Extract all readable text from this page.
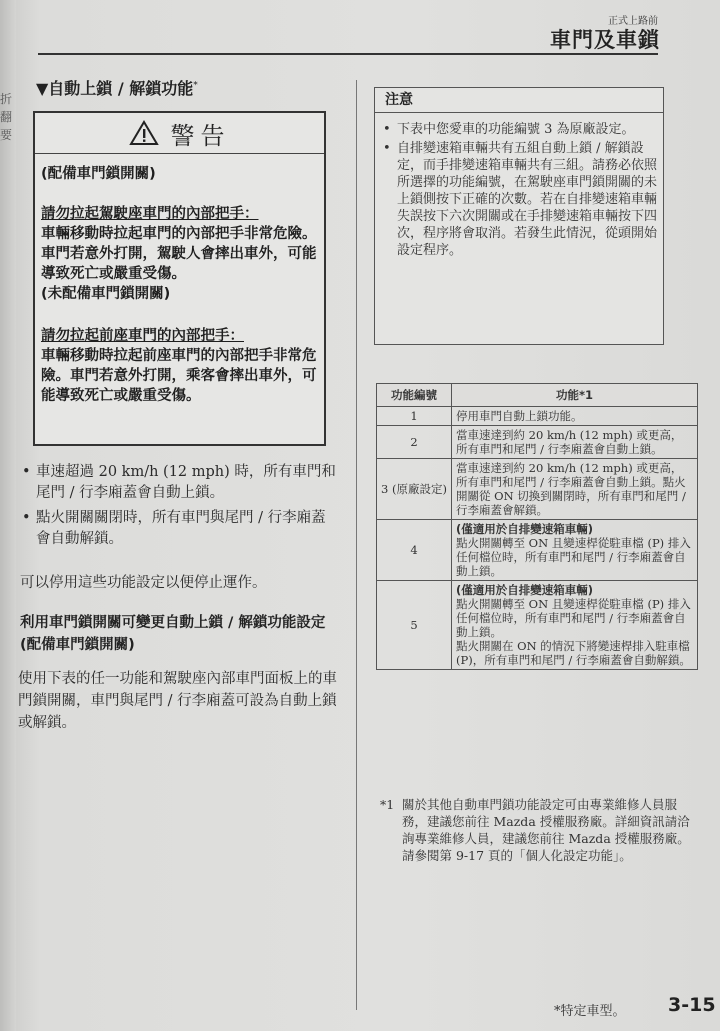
折翻要
正式上路前
車門及車鎖
▼自動上鎖 / 解鎖功能*
警告
(配備車門鎖開關)
請勿拉起駕駛座車門的內部把手：
車輛移動時拉起車門的內部把手非常危險。車門若意外打開，駕駛人會摔出車外，可能導致死亡或嚴重受傷。
(未配備車門鎖開關)
請勿拉起前座車門的內部把手：
車輛移動時拉起前座車門的內部把手非常危險。車門若意外打開，乘客會摔出車外，可能導致死亡或嚴重受傷。
• 車速超過 20 km/h (12 mph) 時，所有車門和尾門 / 行李廂蓋會自動上鎖。
• 點火開關關閉時，所有車門與尾門 / 行李廂蓋會自動解鎖。
可以停用這些功能設定以便停止運作。
利用車門鎖開關可變更自動上鎖 / 解鎖功能設定 (配備車門鎖開關)
使用下表的任一功能和駕駛座內部車門面板上的車門鎖開關，車門與尾門 / 行李廂蓋可設為自動上鎖或解鎖。
注意
• 下表中您愛車的功能編號 3 為原廠設定。
• 自排變速箱車輛共有五組自動上鎖 / 解鎖設定，而手排變速箱車輛共有三組。請務必依照所選擇的功能編號，在駕駛座車門鎖開關的未上鎖側按下正確的次數。若在自排變速箱車輛失誤按下六次開關或在手排變速箱車輛按下四次，程序將會取消。若發生此情況，從頭開始設定程序。
功能編號	功能*1
1	停用車門自動上鎖功能。

2	當車速達到約 20 km/h (12 mph) 或更高，所有車門和尾門 / 行李廂蓋會自動上鎖。

3 (原廠設定)	當車速達到約 20 km/h (12 mph) 或更高，所有車門和尾門 / 行李廂蓋會自動上鎖。點火開關從 ON 切換到關閉時，所有車門和尾門 / 行李廂蓋會解鎖。

4	(僅適用於自排變速箱車輛)
點火開關轉至 ON 且變速桿從駐車檔 (P) 排入任何檔位時，所有車門和尾門 / 行李廂蓋會自動上鎖。

5	(僅適用於自排變速箱車輛)
點火開關轉至 ON 且變速桿從駐車檔 (P) 排入任何檔位時，所有車門和尾門 / 行李廂蓋會自動上鎖。
點火開關在 ON 的情況下將變速桿排入駐車檔 (P)，所有車門和尾門 / 行李廂蓋會自動解鎖。
*1 關於其他自動車門鎖功能設定可由專業維修人員服務，建議您前往 Mazda 授權服務廠。詳細資訊請洽詢專業維修人員，建議您前往 Mazda 授權服務廠。請參閱第 9-17 頁的「個人化設定功能」。
*特定車型。 3-15
